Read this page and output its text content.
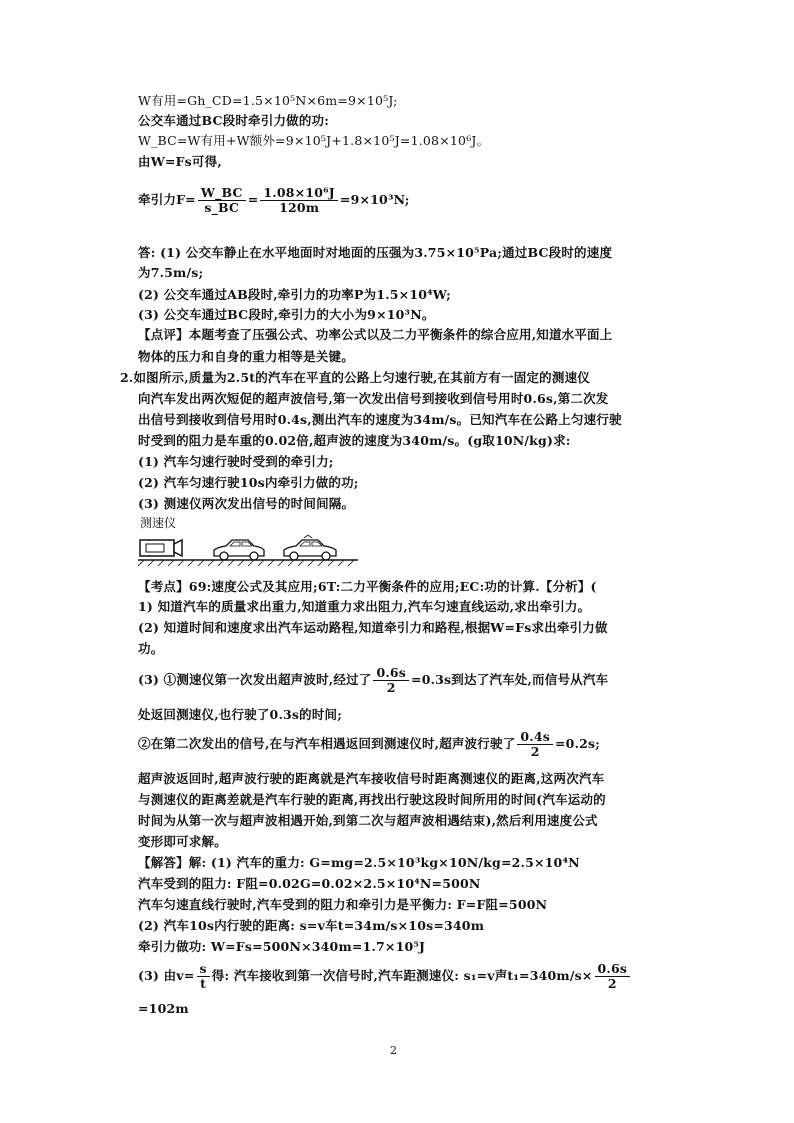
W有用=Gh_CD=1.5×10⁵N×6m=9×10⁵J;
公交车通过BC段时牵引力做的功:
W_BC=W有用+W额外=9×10⁵J+1.8×10⁵J=1.08×10⁶J。
由W=Fs可得,
牵引力$F= \frac{W\_BC}{s\_BC} = \frac{\text{1.08×10⁶J}}{120m} =9\times 10^3N$;
答: (1) 公交车静止在水平地面时对地面的压强为3.75×10⁵Pa;通过BC段时的速度
为7.5m/s;
(2) 公交车通过AB段时,牵引力的功率P为1.5×10⁴W;
(3) 公交车通过BC段时,牵引力的大小为9×10³N。
【点评】本题考查了压强公式、功率公式以及二力平衡条件的综合应用,知道水平面上
物体的压力和自身的重力相等是关键。
2.如图所示,质量为2.5t的汽车在平直的公路上匀速行驶,在其前方有一固定的测速仪
向汽车发出两次短促的超声波信号,第一次发出信号到接收到信号用时0.6s,第二次发
出信号到接收到信号用时0.4s,测出汽车的速度为34m/s。已知汽车在公路上匀速行驶
时受到的阻力是车重的0.02倍,超声波的速度为340m/s。(g取10N/kg)求:
(1) 汽车匀速行驶时受到的牵引力;
(2) 汽车匀速行驶10s内牵引力做的功;
(3) 测速仪两次发出信号的时间间隔。
测速仪
【考点】69:速度公式及其应用;6T:二力平衡条件的应用;EC:功的计算.【分析】(
1) 知道汽车的质量求出重力,知道重力求出阻力,汽车匀速直线运动,求出牵引力。
(2) 知道时间和速度求出汽车运动路程,知道牵引力和路程,根据W=Fs求出牵引力做
功。
(3) ①测速仪第一次发出超声波时,经过了 $\frac{0.6s}{2} =0.3s$到达了汽车处,而信号从汽车
处返回测速仪,也行驶了0.3s的时间;
②在第二次发出的信号,在与汽车相遇返回到测速仪时,超声波行驶了 $\frac{0.4s}{2} =0.2s$;
超声波返回时,超声波行驶的距离就是汽车接收信号时距离测速仪的距离,这两次汽车
与测速仪的距离差就是汽车行驶的距离,再找出行驶这段时间所用的时间(汽车运动的
时间为从第一次与超声波相遇开始,到第二次与超声波相遇结束),然后利用速度公式
变形即可求解。
【解答】解: (1) 汽车的重力: G=mg=2.5×10³kg×10N/kg=2.5×10⁴N
汽车受到的阻力: F阻=0.02G=0.02×2.5×10⁴N=500N
汽车匀速直线行驶时,汽车受到的阻力和牵引力是平衡力: F=F阻=500N
(2) 汽车10s内行驶的距离: s=v车t=34m/s×10s=340m
牵引力做功: W=Fs=500N×340m=1.7×10⁵J
(3) 由$v= \frac{s}{t}$ 得: 汽车接收到第一次信号时,汽车距测速仪: s₁=v声$t_1=340m/s\times \frac{0.6s}{2}$
=102m
2
